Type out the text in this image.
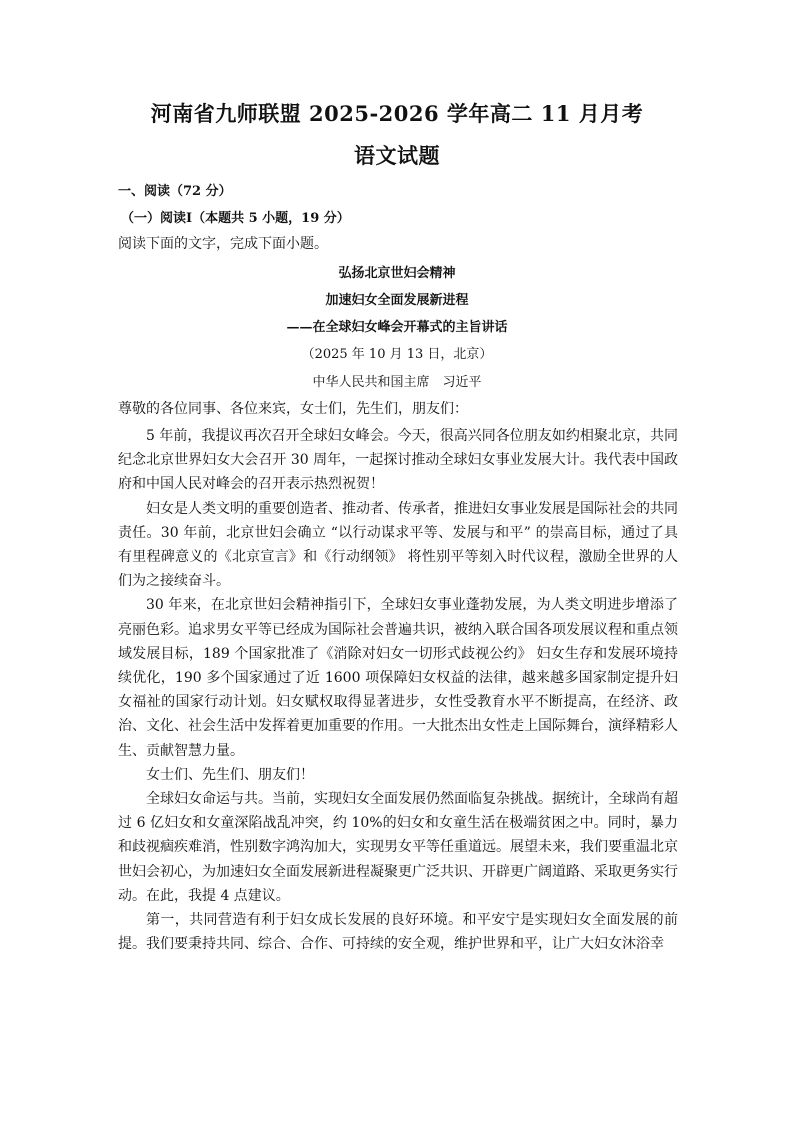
河南省九师联盟 2025-2026 学年高二 11 月月考
语文试题
一、阅读（72 分）
（一）阅读Ⅰ（本题共 5 小题，19 分）
阅读下面的文字，完成下面小题。
弘扬北京世妇会精神
加速妇女全面发展新进程
——在全球妇女峰会开幕式的主旨讲话
（2025 年 10 月 13 日，北京）
中华人民共和国主席　习近平
尊敬的各位同事、各位来宾，女士们，先生们，朋友们：

5 年前，我提议再次召开全球妇女峰会。今天，很高兴同各位朋友如约相聚北京，共同纪念北京世界妇女大会召开 30 周年，一起探讨推动全球妇女事业发展大计。我代表中国政府和中国人民对峰会的召开表示热烈祝贺！

妇女是人类文明的重要创造者、推动者、传承者，推进妇女事业发展是国际社会的共同责任。30 年前，北京世妇会确立 “以行动谋求平等、发展与和平” 的崇高目标，通过了具有里程碑意义的《北京宣言》和《行动纲领》 将性别平等刻入时代议程，激励全世界的人们为之接续奋斗。

30 年来，在北京世妇会精神指引下，全球妇女事业蓬勃发展，为人类文明进步增添了亮丽色彩。追求男女平等已经成为国际社会普遍共识，被纳入联合国各项发展议程和重点领域发展目标，189 个国家批准了《消除对妇女一切形式歧视公约》 妇女生存和发展环境持续优化，190 多个国家通过了近 1600 项保障妇女权益的法律，越来越多国家制定提升妇女福祉的国家行动计划。妇女赋权取得显著进步，女性受教育水平不断提高，在经济、政治、文化、社会生活中发挥着更加重要的作用。一大批杰出女性走上国际舞台，演绎精彩人生、贡献智慧力量。

女士们、先生们、朋友们！

全球妇女命运与共。当前，实现妇女全面发展仍然面临复杂挑战。据统计，全球尚有超过 6 亿妇女和女童深陷战乱冲突，约 10%的妇女和女童生活在极端贫困之中。同时，暴力和歧视痼疾难消，性别数字鸿沟加大，实现男女平等任重道远。展望未来，我们要重温北京世妇会初心，为加速妇女全面发展新进程凝聚更广泛共识、开辟更广阔道路、采取更务实行动。在此，我提 4 点建议。

第一，共同营造有利于妇女成长发展的良好环境。和平安宁是实现妇女全面发展的前提。我们要秉持共同、综合、合作、可持续的安全观，维护世界和平，让广大妇女沐浴幸
